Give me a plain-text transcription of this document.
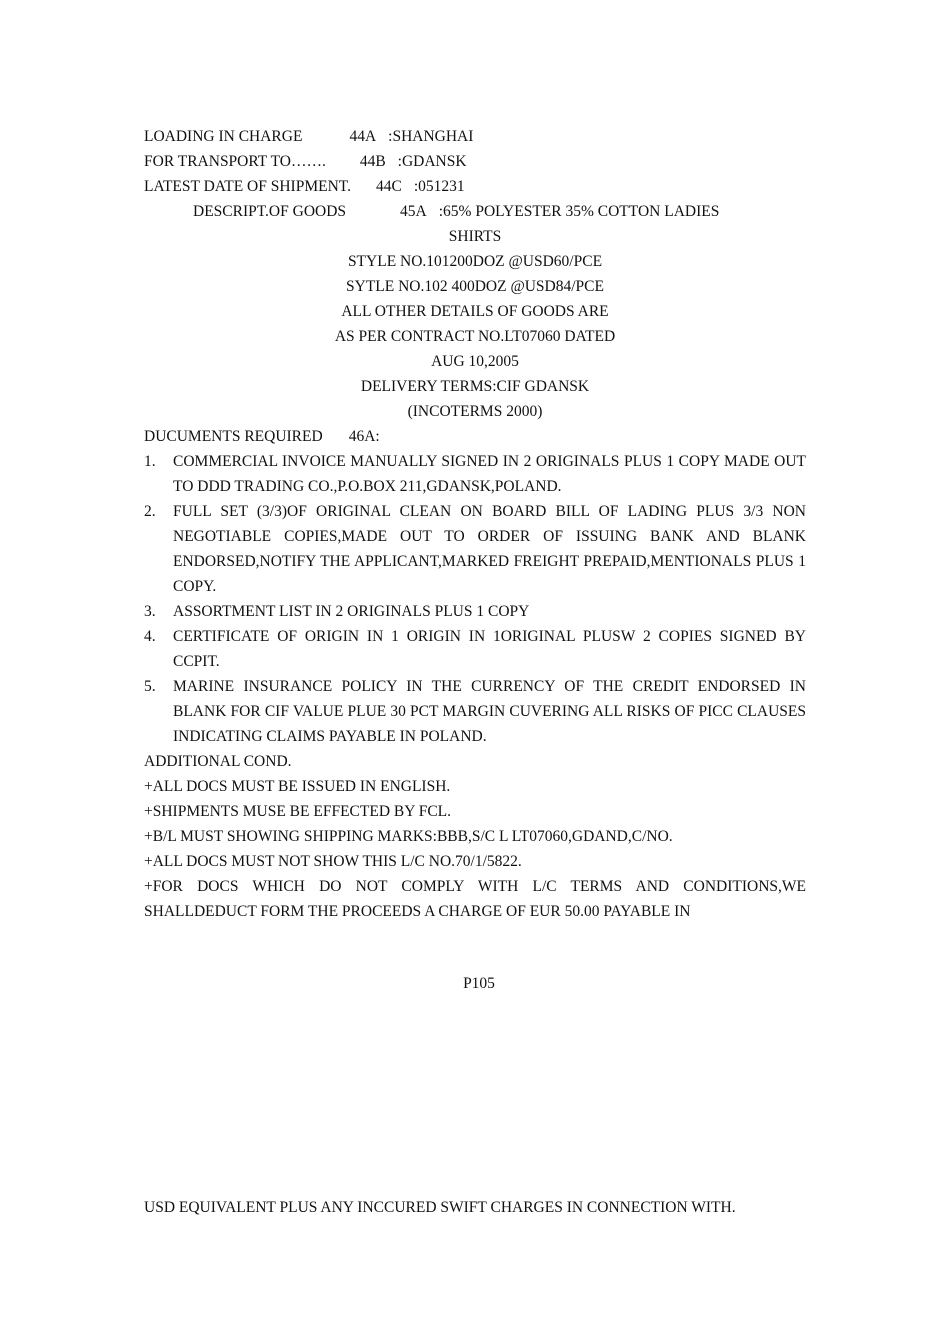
LOADING IN CHARGE	44A :SHANGHAI
FOR TRANSPORT TO……. 44B :GDANSK
LATEST DATE OF SHIPMENT. 44C :051231
DESCRIPT.OF GOODS	45A :65% POLYESTER 35% COTTON LADIES
SHIRTS
STYLE NO.101200DOZ @USD60/PCE
SYTLE NO.102 400DOZ @USD84/PCE
ALL OTHER DETAILS OF GOODS ARE
AS PER CONTRACT NO.LT07060 DATED
AUG 10,2005
DELIVERY TERMS:CIF GDANSK
(INCOTERMS 2000)
DUCUMENTS REQUIRED 46A:
1.	COMMERCIAL INVOICE MANUALLY SIGNED IN 2 ORIGINALS PLUS 1 COPY MADE OUT TO DDD TRADING CO.,P.O.BOX 211,GDANSK,POLAND.
2.	FULL SET (3/3)OF ORIGINAL CLEAN ON BOARD BILL OF LADING PLUS 3/3 NON NEGOTIABLE COPIES,MADE OUT TO ORDER OF ISSUING BANK AND BLANK ENDORSED,NOTIFY THE APPLICANT,MARKED FREIGHT PREPAID,MENTIONALS PLUS 1 COPY.
3.	ASSORTMENT LIST IN 2 ORIGINALS PLUS 1 COPY
4.	CERTIFICATE OF ORIGIN IN 1 ORIGIN IN 1ORIGINAL PLUSW 2 COPIES SIGNED BY CCPIT.
5.	MARINE INSURANCE POLICY IN THE CURRENCY OF THE CREDIT ENDORSED IN BLANK FOR CIF VALUE PLUE 30 PCT MARGIN CUVERING ALL RISKS OF PICC CLAUSES INDICATING CLAIMS PAYABLE IN POLAND.
ADDITIONAL COND.
+ALL DOCS MUST BE ISSUED IN ENGLISH.
+SHIPMENTS MUSE BE EFFECTED BY FCL.
+B/L MUST SHOWING SHIPPING MARKS:BBB,S/C L LT07060,GDAND,C/NO.
+ALL DOCS MUST NOT SHOW THIS L/C NO.70/1/5822.
+FOR DOCS WHICH DO NOT COMPLY WITH L/C TERMS AND CONDITIONS,WE
SHALLDEDUCT FORM THE PROCEEDS A CHARGE OF EUR 50.00 PAYABLE IN
P105
USD EQUIVALENT PLUS ANY INCCURED SWIFT CHARGES IN CONNECTION WITH.
